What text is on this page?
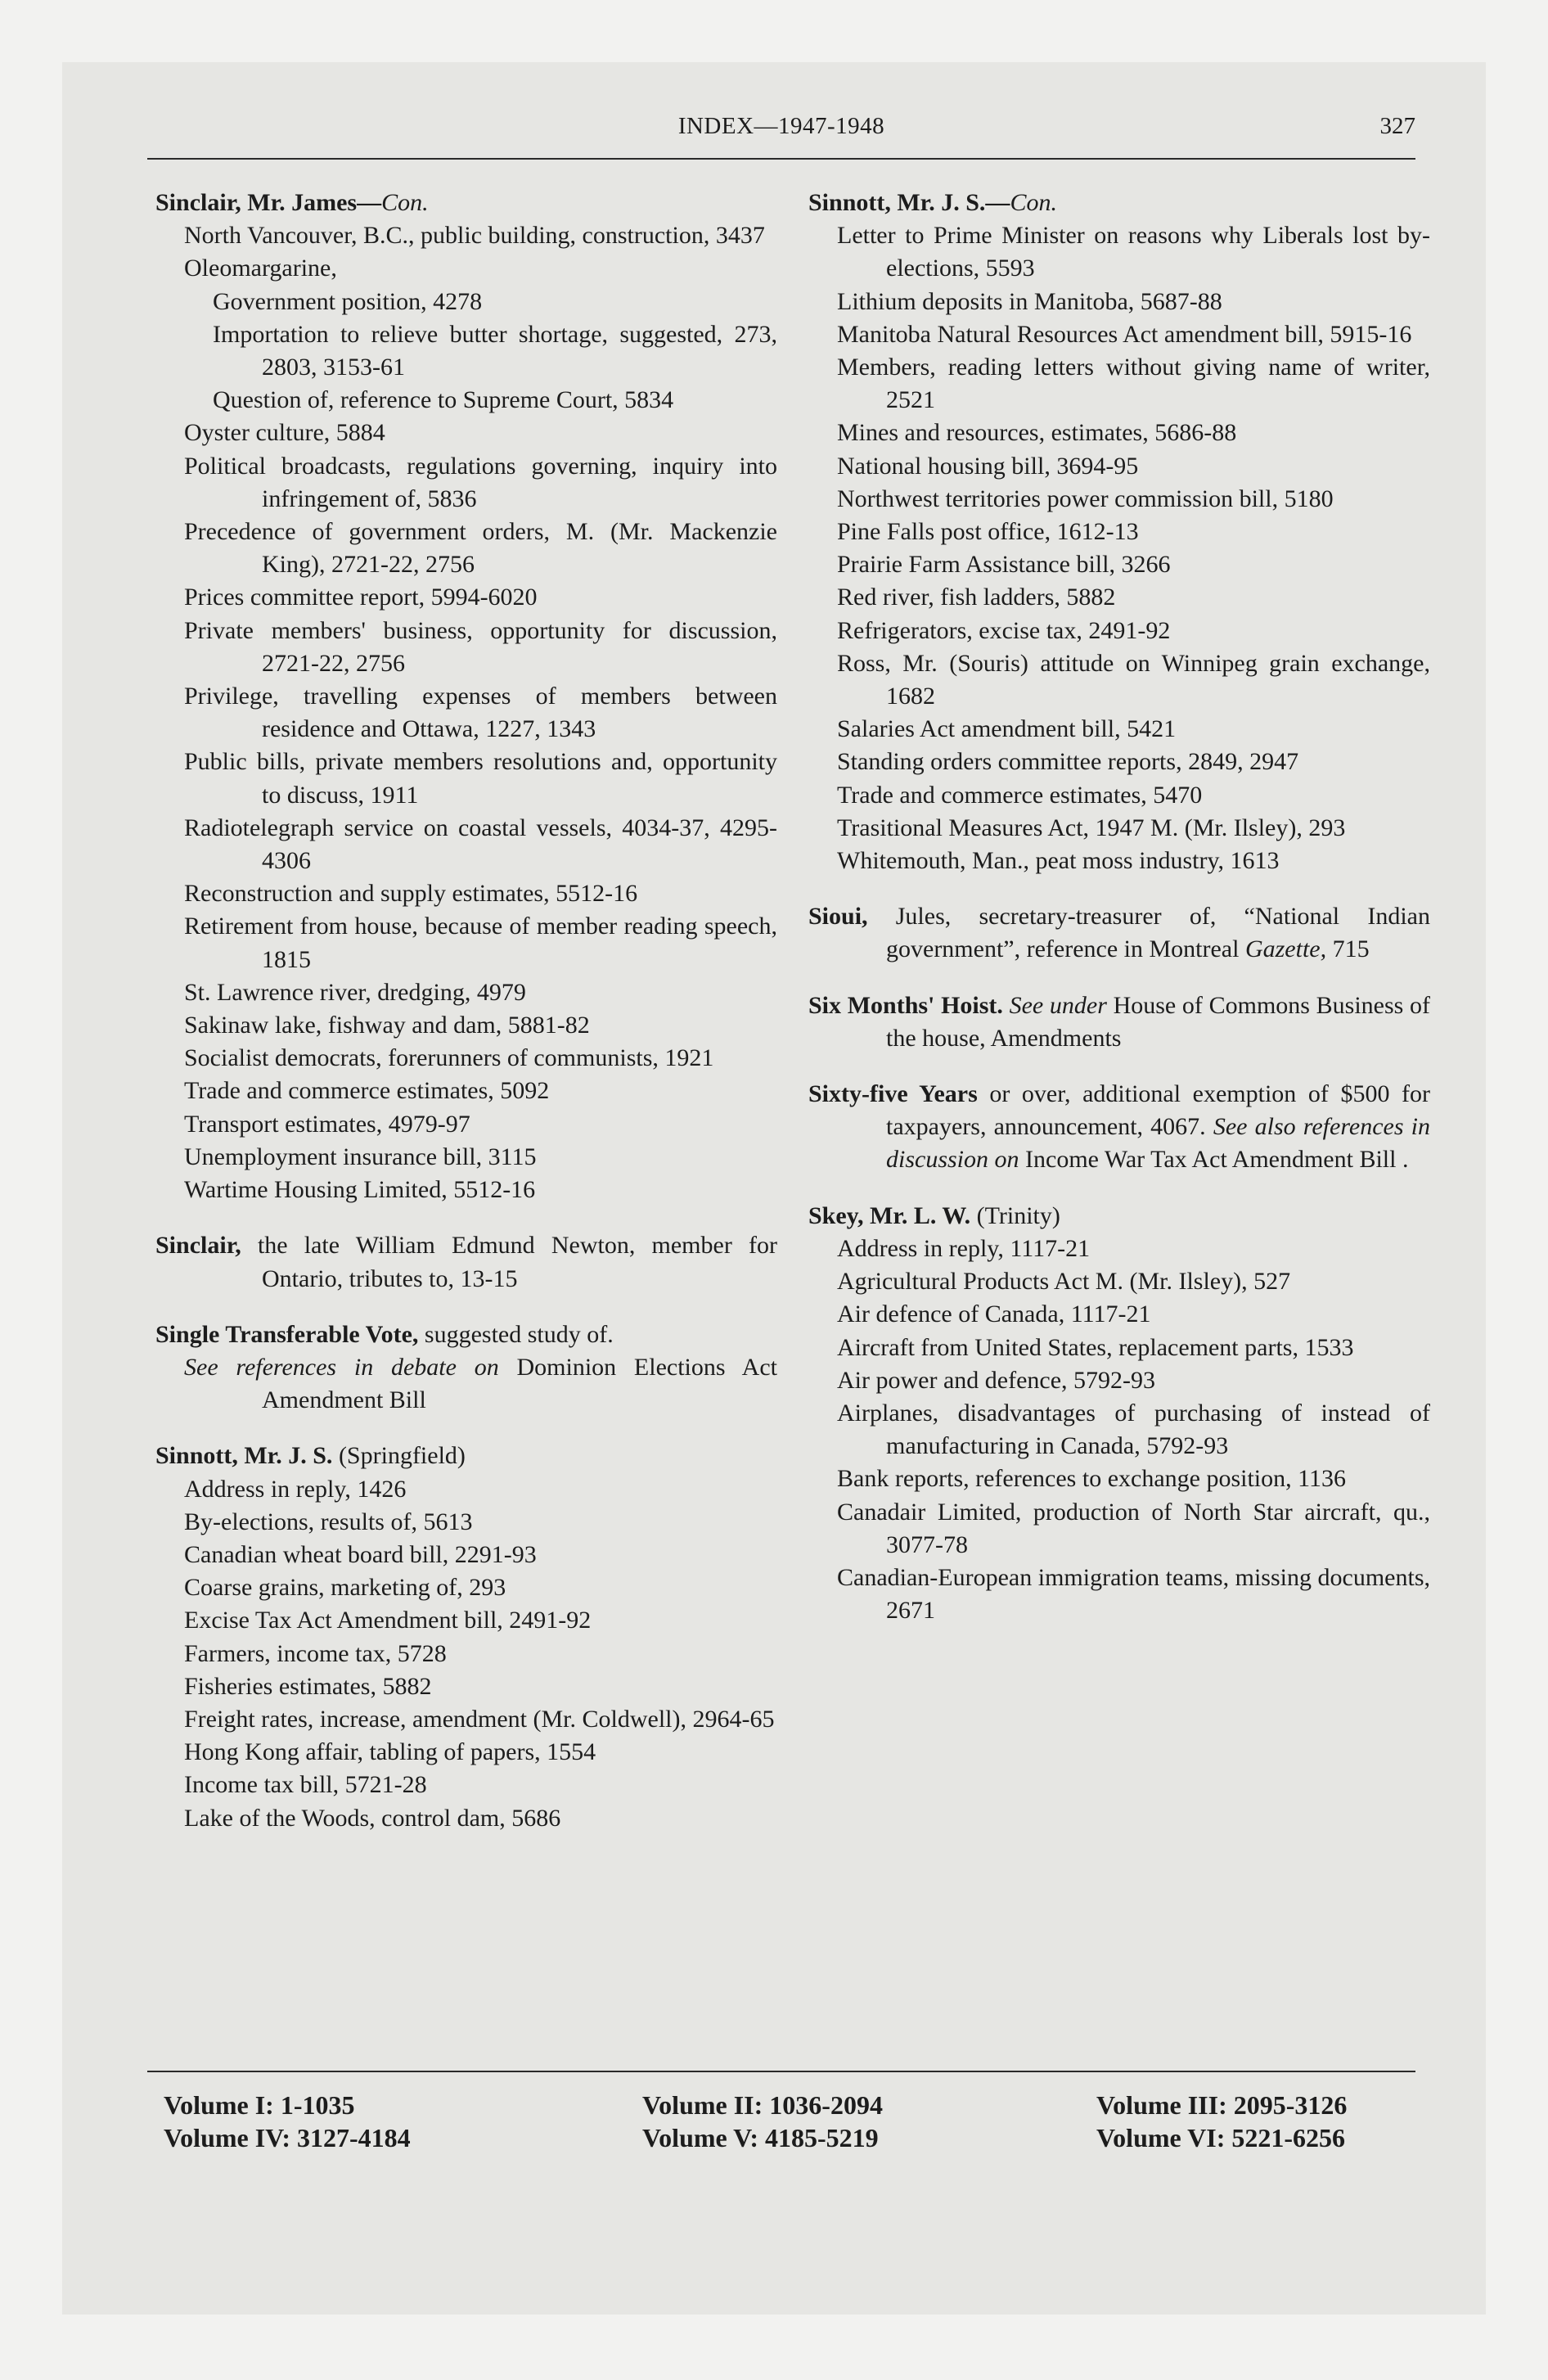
INDEX—1947-1948	327
Sinclair, Mr. James—Con.
North Vancouver, B.C., public building, construction, 3437
Oleomargarine,
Government position, 4278
Importation to relieve butter shortage, suggested, 273, 2803, 3153-61
Question of, reference to Supreme Court, 5834
Oyster culture, 5884
Political broadcasts, regulations governing, inquiry into infringement of, 5836
Precedence of government orders, M. (Mr. Mackenzie King), 2721-22, 2756
Prices committee report, 5994-6020
Private members' business, opportunity for discussion, 2721-22, 2756
Privilege, travelling expenses of members between residence and Ottawa, 1227, 1343
Public bills, private members resolutions and, opportunity to discuss, 1911
Radiotelegraph service on coastal vessels, 4034-37, 4295-4306
Reconstruction and supply estimates, 5512-16
Retirement from house, because of member reading speech, 1815
St. Lawrence river, dredging, 4979
Sakinaw lake, fishway and dam, 5881-82
Socialist democrats, forerunners of communists, 1921
Trade and commerce estimates, 5092
Transport estimates, 4979-97
Unemployment insurance bill, 3115
Wartime Housing Limited, 5512-16
Sinclair, the late William Edmund Newton, member for Ontario, tributes to, 13-15
Single Transferable Vote, suggested study of.
See references in debate on Dominion Elections Act Amendment Bill
Sinnott, Mr. J. S. (Springfield)
Address in reply, 1426
By-elections, results of, 5613
Canadian wheat board bill, 2291-93
Coarse grains, marketing of, 293
Excise Tax Act Amendment bill, 2491-92
Farmers, income tax, 5728
Fisheries estimates, 5882
Freight rates, increase, amendment (Mr. Coldwell), 2964-65
Hong Kong affair, tabling of papers, 1554
Income tax bill, 5721-28
Lake of the Woods, control dam, 5686
Sinnott, Mr. J. S.—Con.
Letter to Prime Minister on reasons why Liberals lost by-elections, 5593
Lithium deposits in Manitoba, 5687-88
Manitoba Natural Resources Act amendment bill, 5915-16
Members, reading letters without giving name of writer, 2521
Mines and resources, estimates, 5686-88
National housing bill, 3694-95
Northwest territories power commission bill, 5180
Pine Falls post office, 1612-13
Prairie Farm Assistance bill, 3266
Red river, fish ladders, 5882
Refrigerators, excise tax, 2491-92
Ross, Mr. (Souris) attitude on Winnipeg grain exchange, 1682
Salaries Act amendment bill, 5421
Standing orders committee reports, 2849, 2947
Trade and commerce estimates, 5470
Trasitional Measures Act, 1947 M. (Mr. Ilsley), 293
Whitemouth, Man., peat moss industry, 1613
Sioui, Jules, secretary-treasurer of, “National Indian government”, reference in Montreal Gazette, 715
Six Months' Hoist. See under House of Commons Business of the house, Amendments
Sixty-five Years or over, additional exemption of $500 for taxpayers, announcement, 4067. See also references in discussion on Income War Tax Act Amendment Bill .
Skey, Mr. L. W. (Trinity)
Address in reply, 1117-21
Agricultural Products Act M. (Mr. Ilsley), 527
Air defence of Canada, 1117-21
Aircraft from United States, replacement parts, 1533
Air power and defence, 5792-93
Airplanes, disadvantages of purchasing of instead of manufacturing in Canada, 5792-93
Bank reports, references to exchange position, 1136
Canadair Limited, production of North Star aircraft, qu., 3077-78
Canadian-European immigration teams, missing documents, 2671
Volume I: 1-1035
Volume IV: 3127-4184
Volume II: 1036-2094
Volume V: 4185-5219
Volume III: 2095-3126
Volume VI: 5221-6256
